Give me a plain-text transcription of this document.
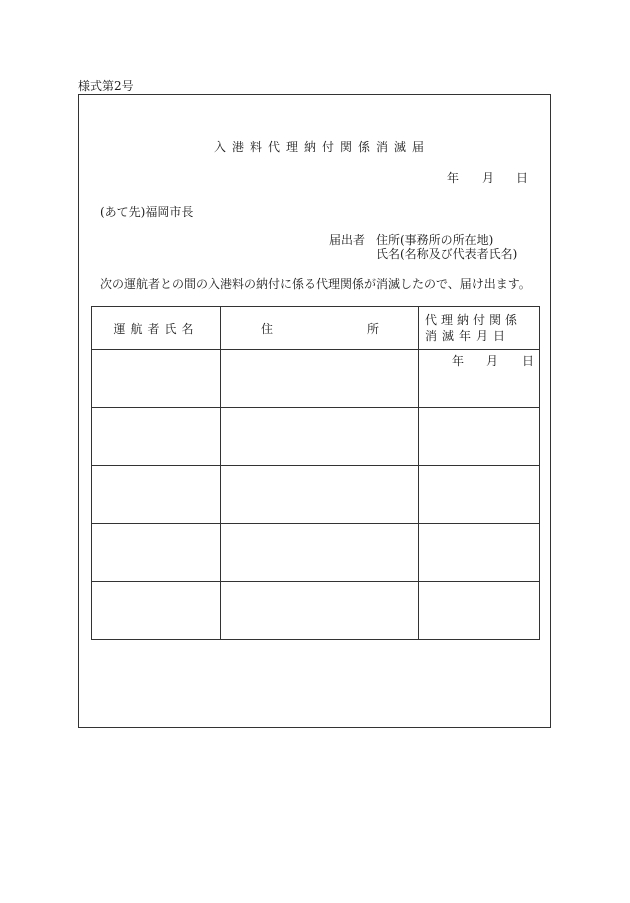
様式第2号
入港料代理納付関係消滅届
年 月 日
(あて先)福岡市長
届出者 住所(事務所の所在地)
氏名(名称及び代表者氏名)
次の運航者との間の入港料の納付に係る代理関係が消滅したので、届け出ます。
運航者氏名	住 所	代理納付関係
消滅年月日

		年 月 日
